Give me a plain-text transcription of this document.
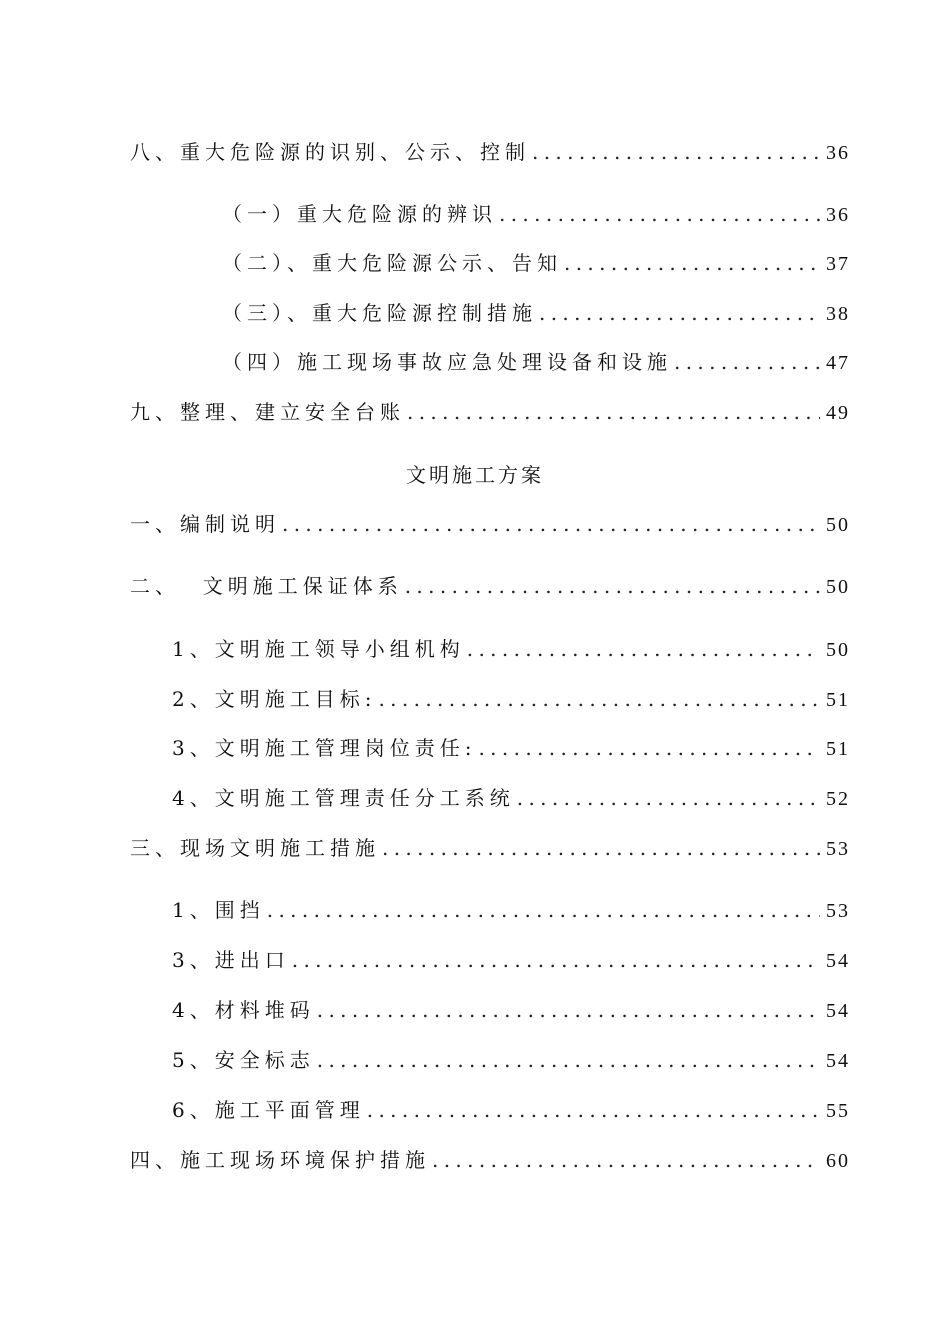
八、重大危险源的识别、公示、控制 . . .	36
（一）重大危险源的辨识 . . .	36
（二）、重大危险源公示、告知 . . .	37
（三）、重大危险源控制措施 . . .	38
（四）施工现场事故应急处理设备和设施 . . .	47
九、整理、建立安全台账 . . .	49
文明施工方案
一、编制说明 . . .	50
二、  文明施工保证体系 . . .	50
1、文明施工领导小组机构 . . .	50
2、文明施工目标: . . .	51
3、文明施工管理岗位责任: . . .	51
4、文明施工管理责任分工系统 . . .	52
三、现场文明施工措施 . . .	53
1、围挡 . . .	53
3、进出口 . . .	54
4、材料堆码 . . .	54
5、安全标志 . . .	54
6、施工平面管理 . . .	55
四、施工现场环境保护措施 . . .	60
